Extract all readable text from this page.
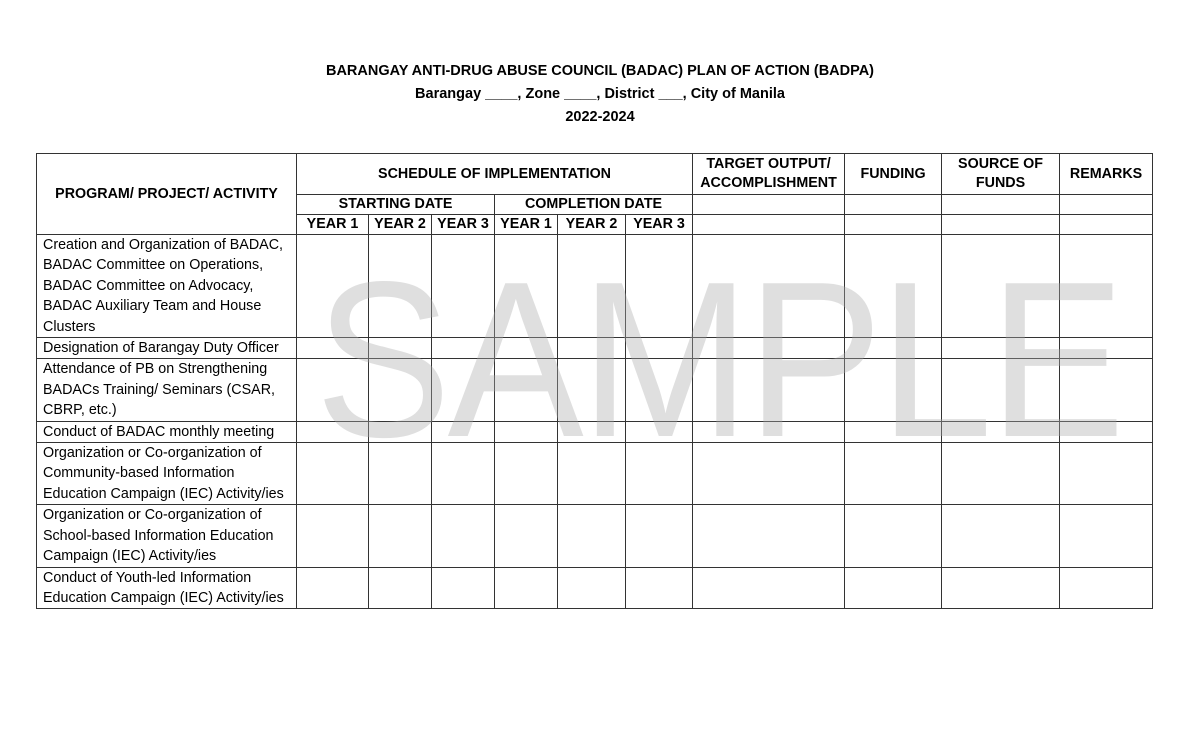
BARANGAY ANTI-DRUG ABUSE COUNCIL (BADAC) PLAN OF ACTION (BADPA)
Barangay ____, Zone ____, District ___, City of Manila
2022-2024
PROGRAM/ PROJECT/ ACTIVITY	SCHEDULE OF IMPLEMENTATION						TARGET OUTPUT/ ACCOMPLISHMENT	FUNDING	SOURCE OF FUNDS	REMARKS
	STARTING DATE			COMPLETION DATE						
	YEAR 1	YEAR 2	YEAR 3	YEAR 1	YEAR 2	YEAR 3				
Creation and Organization of BADAC, BADAC Committee on Operations, BADAC Committee on Advocacy, BADAC Auxiliary Team and House Clusters										
Designation of Barangay Duty Officer										
Attendance of PB on Strengthening BADACs Training/ Seminars (CSAR, CBRP, etc.)										
Conduct of BADAC monthly meeting										
Organization or Co-organization of Community-based Information Education Campaign (IEC) Activity/ies										
Organization or Co-organization of School-based Information Education Campaign (IEC) Activity/ies										
Conduct of Youth-led Information Education Campaign (IEC) Activity/ies										
SAMPLE
